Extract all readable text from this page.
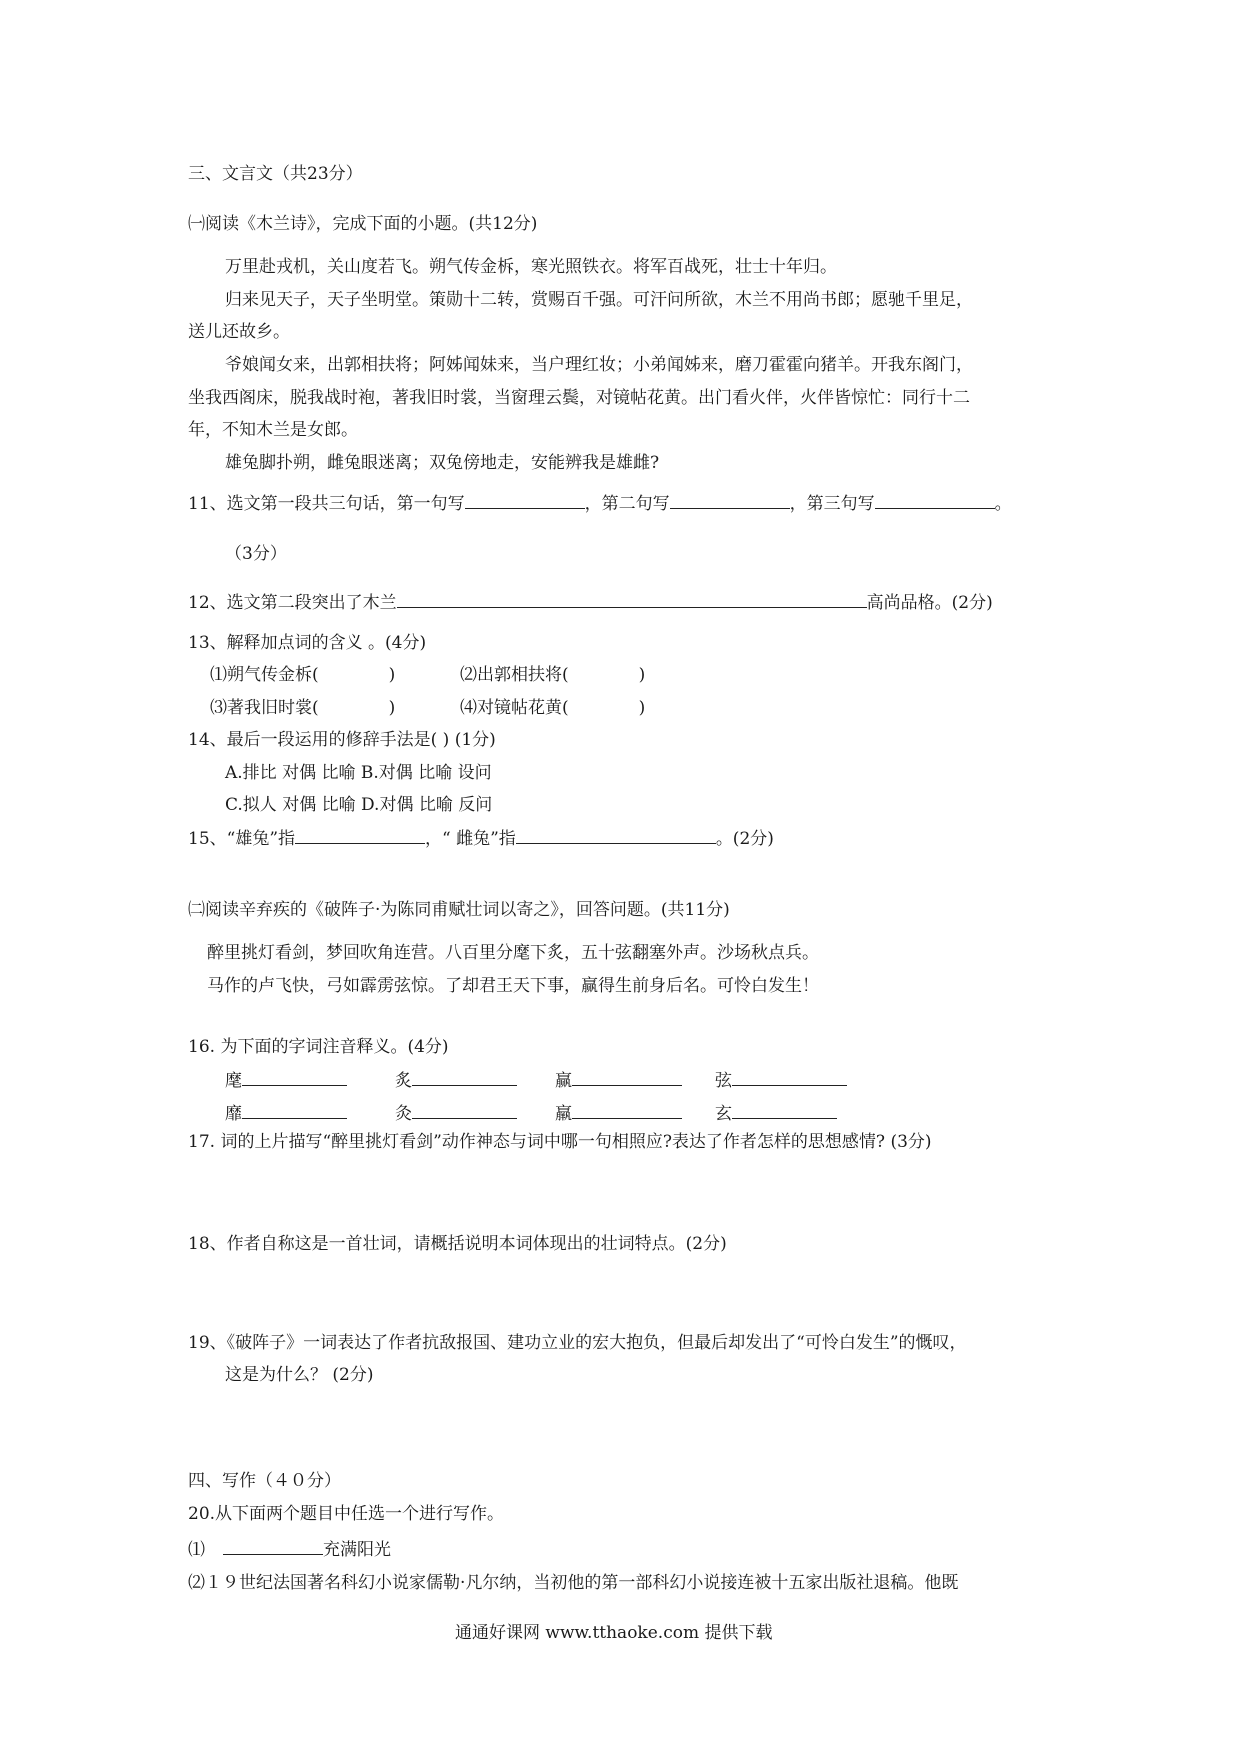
三、文言文（共23分）
㈠阅读《木兰诗》，完成下面的小题。(共12分)
万里赴戎机，关山度若飞。朔气传金柝，寒光照铁衣。将军百战死，壮士十年归。
归来见天子，天子坐明堂。策勋十二转，赏赐百千强。可汗问所欲，木兰不用尚书郎；愿驰千里足，
送儿还故乡。
爷娘闻女来，出郭相扶将；阿姊闻妹来，当户理红妆；小弟闻姊来，磨刀霍霍向猪羊。开我东阁门，
坐我西阁床，脱我战时袍，著我旧时裳，当窗理云鬓，对镜帖花黄。出门看火伴，火伴皆惊忙：同行十二
年，不知木兰是女郎。
雄兔脚扑朔，雌兔眼迷离；双兔傍地走，安能辨我是雄雌?
11、选文第一段共三句话，第一句写	，第二句写	，第三句写	。
（3分）
12、选文第二段突出了木兰	高尚品格。(2分)
13、解释加点词的含义 。(4分)
⑴朔气传金柝(	)	⑵出郭相扶将(	)
⑶著我旧时裳(	)	⑷对镜帖花黄(	)
14、最后一段运用的修辞手法是( ) (1分)
A.排比 对偶 比喻 B.对偶 比喻 设问
C.拟人 对偶 比喻 D.对偶 比喻 反问
15、“雄兔”指	，“ 雌兔”指	。(2分)
㈡阅读辛弃疾的《破阵子·为陈同甫赋壮词以寄之》，回答问题。(共11分)
醉里挑灯看剑，梦回吹角连营。八百里分麾下炙，五十弦翻塞外声。沙场秋点兵。
马作的卢飞快，弓如霹雳弦惊。了却君王天下事，赢得生前身后名。可怜白发生！
16. 为下面的字词注音释义。(4分)
麾	炙	赢	弦
靡	灸	羸	玄
17. 词的上片描写“醉里挑灯看剑”动作神态与词中哪一句相照应?表达了作者怎样的思想感情? (3分)
18、作者自称这是一首壮词，请概括说明本词体现出的壮词特点。(2分)
19、《破阵子》一词表达了作者抗敌报国、建功立业的宏大抱负，但最后却发出了“可怜白发生”的慨叹，
这是为什么？ (2分)
四、写作（４０分）
20.从下面两个题目中任选一个进行写作。
⑴	充满阳光
⑵１９世纪法国著名科幻小说家儒勒·凡尔纳，当初他的第一部科幻小说接连被十五家出版社退稿。他既
通通好课网 www.tthaoke.com 提供下载
